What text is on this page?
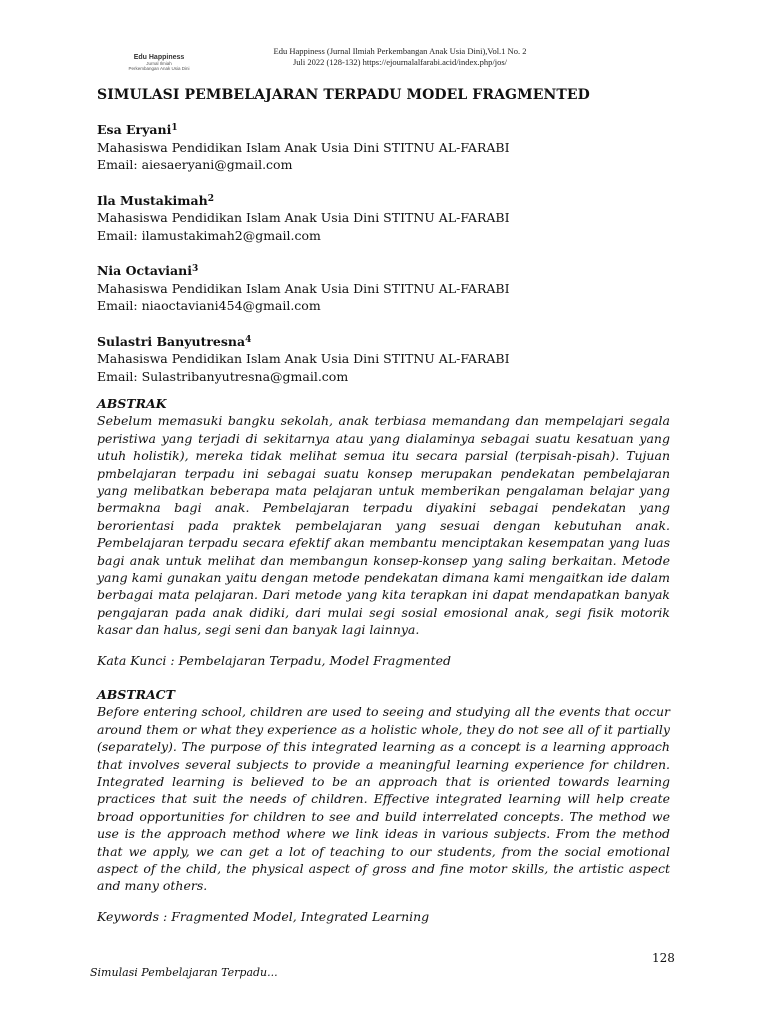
Edu Happiness
Jurnal Ilmiah
Perkembangan Anak Usia Dini
Edu Happiness (Jurnal Ilmiah Perkembangan Anak Usia Dini),Vol.1 No. 2
Juli 2022 (128-132) https://ejournalalfarabi.acid/index.php/jos/
SIMULASI PEMBELAJARAN TERPADU MODEL FRAGMENTED
Esa Eryani$^1$
Mahasiswa Pendidikan Islam Anak Usia Dini STITNU AL-FARABI
Email: aiesaeryani@gmail.com
Ila Mustakimah$^2$
Mahasiswa Pendidikan Islam Anak Usia Dini STITNU AL-FARABI
Email: ilamustakimah2@gmail.com
Nia Octaviani$^3$
Mahasiswa Pendidikan Islam Anak Usia Dini STITNU AL-FARABI
Email: niaoctaviani454@gmail.com
Sulastri Banyutresna$^4$
Mahasiswa Pendidikan Islam Anak Usia Dini STITNU AL-FARABI
Email: Sulastribanyutresna@gmail.com
ABSTRAK
Sebelum memasuki bangku sekolah, anak terbiasa memandang dan mempelajari segala peristiwa yang terjadi di sekitarnya atau yang dialaminya sebagai suatu kesatuan yang utuh holistik), mereka tidak melihat semua itu secara parsial (terpisah-pisah). Tujuan pmbelajaran terpadu ini sebagai suatu konsep merupakan pendekatan pembelajaran yang melibatkan beberapa mata pelajaran untuk memberikan pengalaman belajar yang bermakna bagi anak. Pembelajaran terpadu diyakini sebagai pendekatan yang berorientasi pada praktek pembelajaran yang sesuai dengan kebutuhan anak. Pembelajaran terpadu secara efektif akan membantu menciptakan kesempatan yang luas bagi anak untuk melihat dan membangun konsep-konsep yang saling berkaitan. Metode yang kami gunakan yaitu dengan metode pendekatan dimana kami mengaitkan ide dalam berbagai mata pelajaran. Dari metode yang kita terapkan ini dapat mendapatkan banyak pengajaran pada anak didiki, dari mulai segi sosial emosional anak, segi fisik motorik kasar dan halus, segi seni dan banyak lagi lainnya.
Kata Kunci : Pembelajaran Terpadu, Model Fragmented
ABSTRACT
Before entering school, children are used to seeing and studying all the events that occur around them or what they experience as a holistic whole, they do not see all of it partially (separately). The purpose of this integrated learning as a concept is a learning approach that involves several subjects to provide a meaningful learning experience for children. Integrated learning is believed to be an approach that is oriented towards learning practices that suit the needs of children. Effective integrated learning will help create broad opportunities for children to see and build interrelated concepts. The method we use is the approach method where we link ideas in various subjects. From the method that we apply, we can get a lot of teaching to our students, from the social emotional aspect of the child, the physical aspect of gross and fine motor skills, the artistic aspect and many others.
Keywords : Fragmented Model, Integrated Learning
128
Simulasi Pembelajaran Terpadu...
